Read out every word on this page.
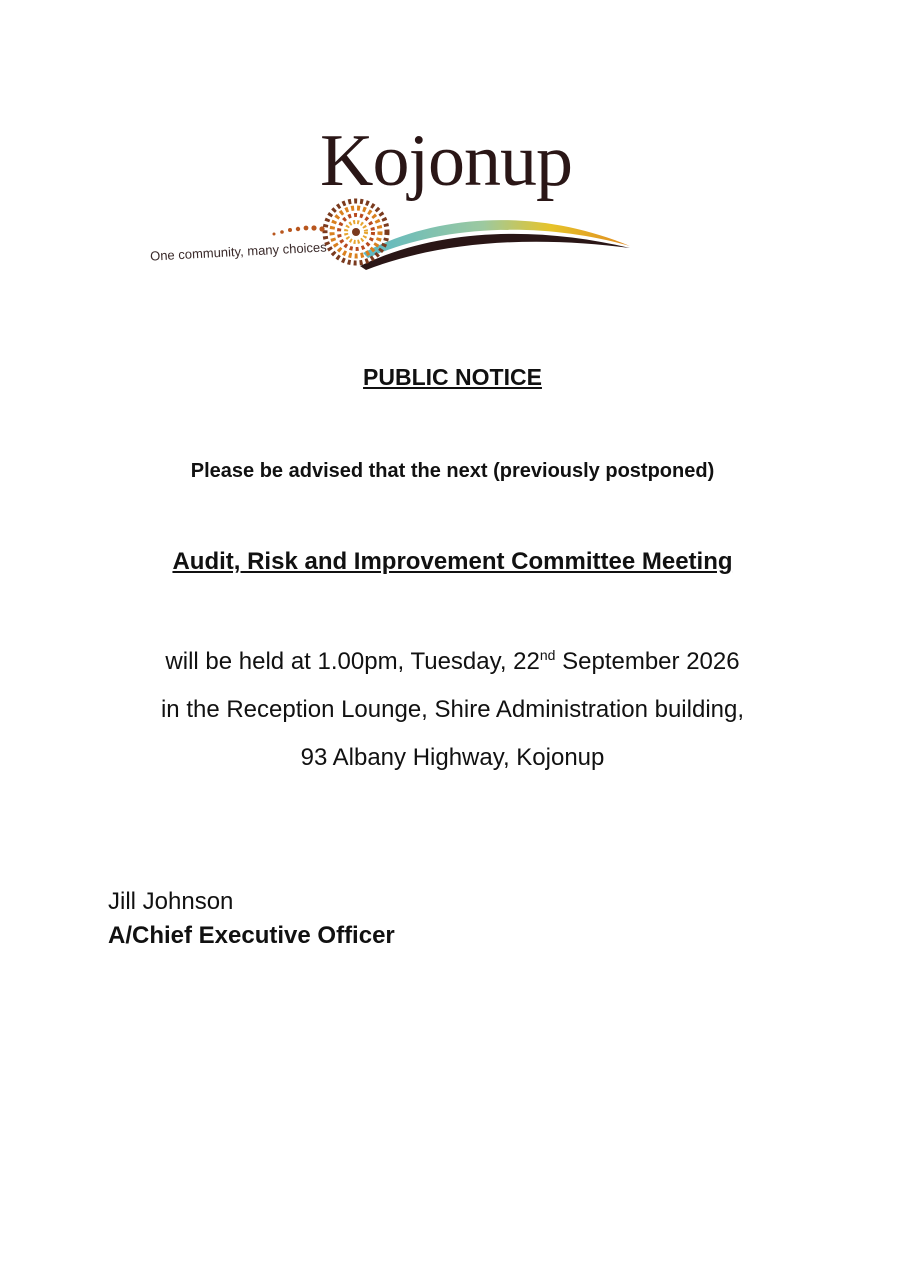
Kojonup
One community, many choices
PUBLIC NOTICE
Please be advised that the next (previously postponed)
Audit, Risk and Improvement Committee Meeting
will be held at 1.00pm, Tuesday, 22nd September 2026
in the Reception Lounge, Shire Administration building,
93 Albany Highway, Kojonup
Jill Johnson
A/Chief Executive Officer
